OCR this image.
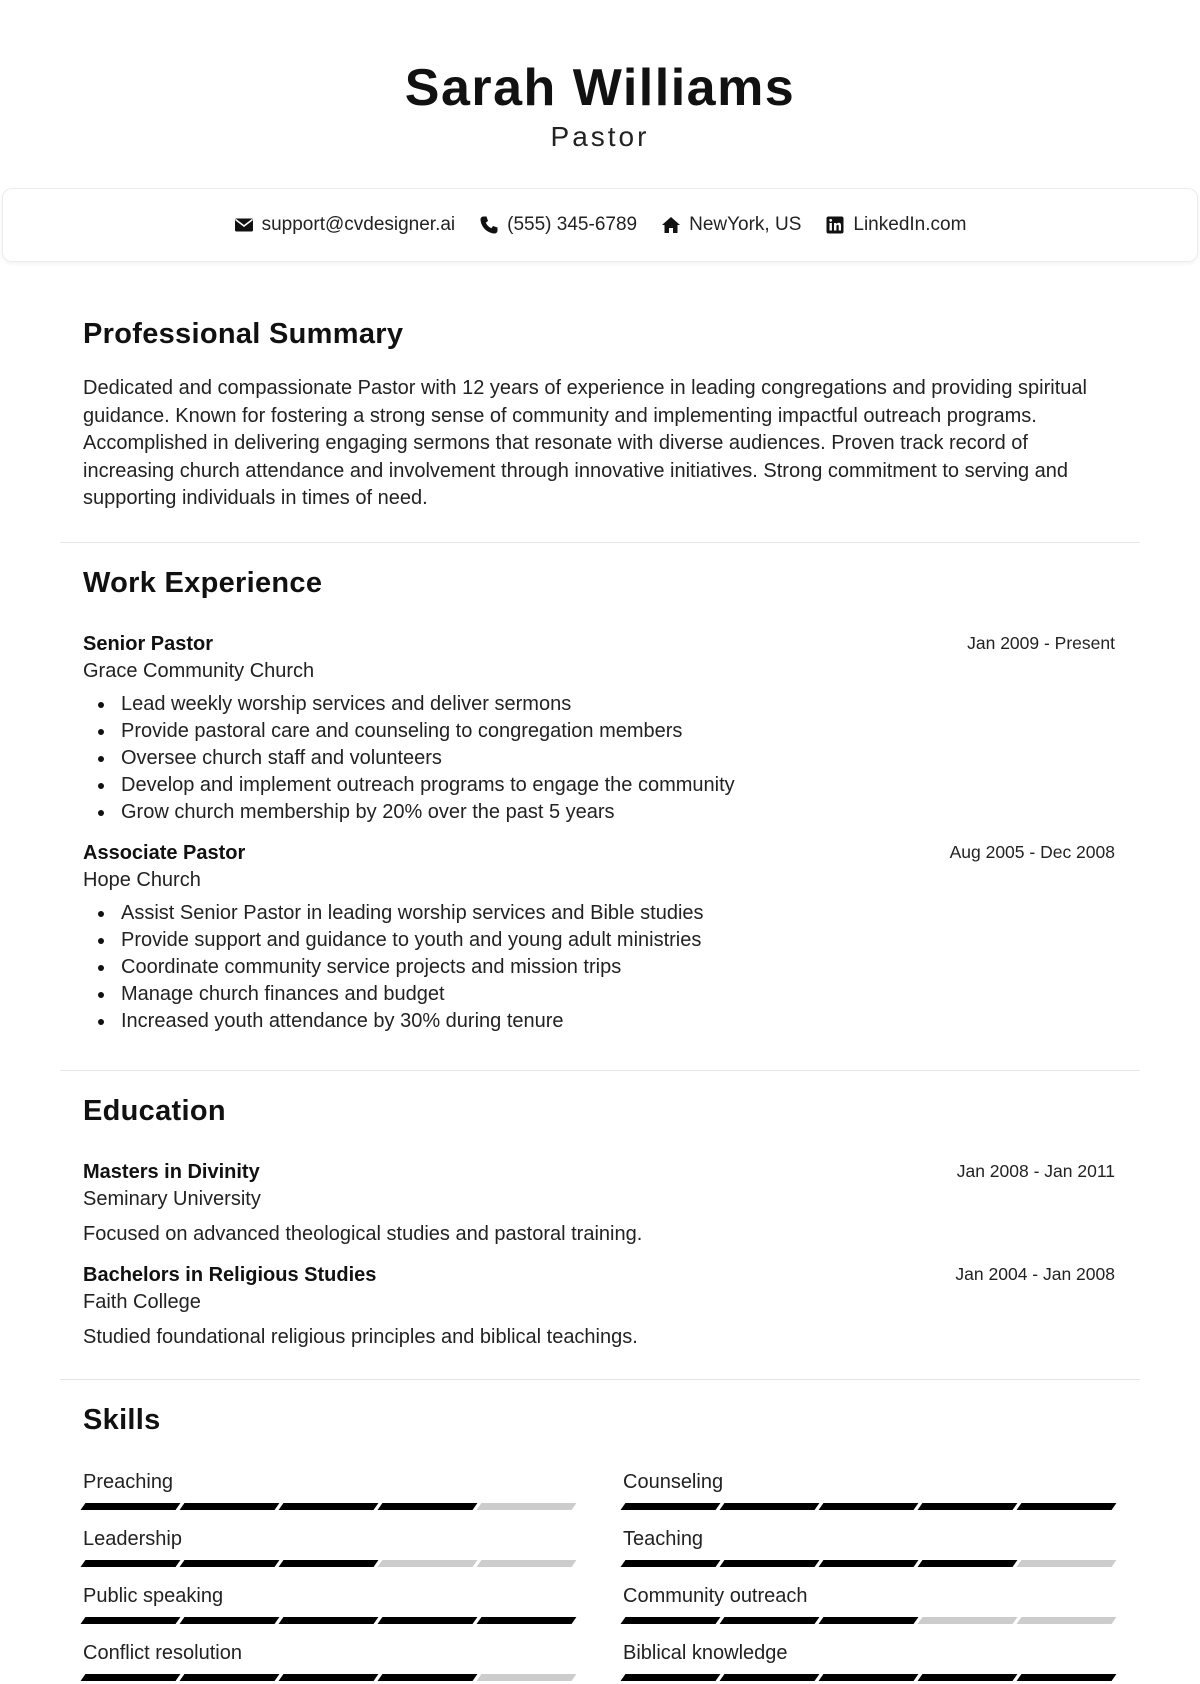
Sarah Williams
Pastor
support@cvdesigner.ai	(555) 345-6789	NewYork, US	LinkedIn.com
Professional Summary
Dedicated and compassionate Pastor with 12 years of experience in leading congregations and providing spiritual guidance. Known for fostering a strong sense of community and implementing impactful outreach programs. Accomplished in delivering engaging sermons that resonate with diverse audiences. Proven track record of increasing church attendance and involvement through innovative initiatives. Strong commitment to serving and supporting individuals in times of need.
Work Experience
Senior Pastor	Jan 2009 - Present
Grace Community Church
Lead weekly worship services and deliver sermons
Provide pastoral care and counseling to congregation members
Oversee church staff and volunteers
Develop and implement outreach programs to engage the community
Grow church membership by 20% over the past 5 years
Associate Pastor	Aug 2005 - Dec 2008
Hope Church
Assist Senior Pastor in leading worship services and Bible studies
Provide support and guidance to youth and young adult ministries
Coordinate community service projects and mission trips
Manage church finances and budget
Increased youth attendance by 30% during tenure
Education
Masters in Divinity	Jan 2008 - Jan 2011
Seminary University
Focused on advanced theological studies and pastoral training.
Bachelors in Religious Studies	Jan 2004 - Jan 2008
Faith College
Studied foundational religious principles and biblical teachings.
Skills
Preaching	Counseling
Leadership	Teaching
Public speaking	Community outreach
Conflict resolution	Biblical knowledge
